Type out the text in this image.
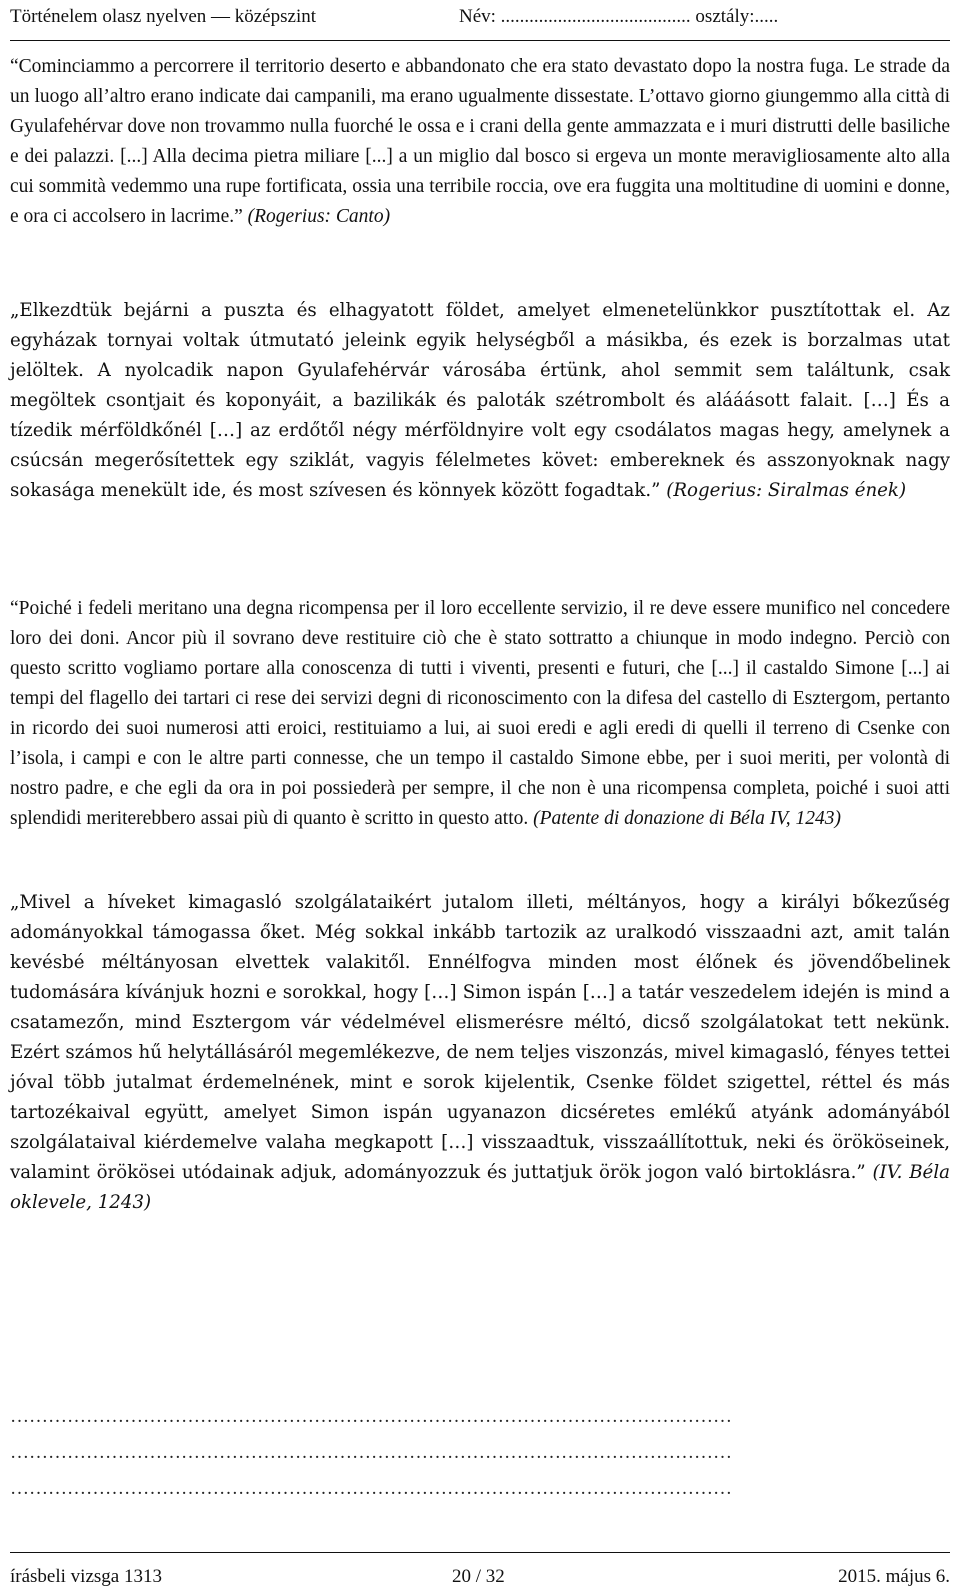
Történelem olasz nyelven — középszint	Név: ........................................ osztály:.....

“Cominciammo a percorrere il territorio deserto e abbandonato che era stato devastato dopo la nostra fuga. Le strade da un luogo all’altro erano indicate dai campanili, ma erano ugualmente dissestate. L’ottavo giorno giungemmo alla città di Gyulafehérvar dove non trovammo nulla fuorché le ossa e i crani della gente ammazzata e i muri distrutti delle basiliche e dei palazzi. [...] Alla decima pietra miliare [...] a un miglio dal bosco si ergeva un monte meravigliosamente alto alla cui sommità vedemmo una rupe fortificata, ossia una terribile roccia, ove era fuggita una moltitudine di uomini e donne, e ora ci accolsero in lacrime.” (Rogerius: Canto)

„Elkezdtük bejárni a puszta és elhagyatott földet, amelyet elmenetelünkkor pusztítottak el. Az egyházak tornyai voltak útmutató jeleink egyik helységből a másikba, és ezek is borzalmas utat jelöltek. A nyolcadik napon Gyulafehérvár városába értünk, ahol semmit sem találtunk, csak megöltek csontjait és koponyáit, a bazilikák és paloták szétrombolt és alááásott falait. […] És a tízedik mérföldkőnél […] az erdőtől négy mérföldnyire volt egy csodálatos magas hegy, amelynek a csúcsán megerősítettek egy sziklát, vagyis félelmetes követ: embereknek és asszonyoknak nagy sokasága menekült ide, és most szívesen és könnyek között fogadtak.” (Rogerius: Siralmas ének)

“Poiché i fedeli meritano una degna ricompensa per il loro eccellente servizio, il re deve essere munifico nel concedere loro dei doni. Ancor più il sovrano deve restituire ciò che è stato sottratto a chiunque in modo indegno. Perciò con questo scritto vogliamo portare alla conoscenza di tutti i viventi, presenti e futuri, che [...] il castaldo Simone [...] ai tempi del flagello dei tartari ci rese dei servizi degni di riconoscimento con la difesa del castello di Esztergom, pertanto in ricordo dei suoi numerosi atti eroici, restituiamo a lui, ai suoi eredi e agli eredi di quelli il terreno di Csenke con l’isola, i campi e con le altre parti connesse, che un tempo il castaldo Simone ebbe, per i suoi meriti, per volontà di nostro padre, e che egli da ora in poi possiederà per sempre, il che non è una ricompensa completa, poiché i suoi atti splendidi meriterebbero assai più di quanto è scritto in questo atto. (Patente di donazione di Béla IV, 1243)

„Mivel a híveket kimagasló szolgálataikért jutalom illeti, méltányos, hogy a királyi bőkezűség adományokkal támogassa őket. Még sokkal inkább tartozik az uralkodó visszaadni azt, amit talán kevésbé méltányosan elvettek valakitől. Ennélfogva minden most élőnek és jövendőbelinek tudomására kívánjuk hozni e sorokkal, hogy […] Simon ispán […] a tatár veszedelem idején is mind a csatamezőn, mind Esztergom vár védelmével elismerésre méltó, dicső szolgálatokat tett nekünk. Ezért számos hű helytállásáról megemlékezve, de nem teljes viszonzás, mivel kimagasló, fényes tettei jóval több jutalmat érdemelnének, mint e sorok kijelentik, Csenke földet szigettel, réttel és más tartozékaival együtt, amelyet Simon ispán ugyanazon dicséretes emlékű atyánk adományából szolgálataival kiérdemelve valaha megkapott […] visszaadtuk, visszaállítottuk, neki és örököseinek, valamint örökösei utódainak adjuk, adományozzuk és juttatjuk örök jogon való birtoklásra.” (IV. Béla oklevele, 1243)

……………………………………………………………………………………………………
……………………………………………………………………………………………………
……………………………………………………………………………………………………
írásbeli vizsga 1313	20 / 32	2015. május 6.
